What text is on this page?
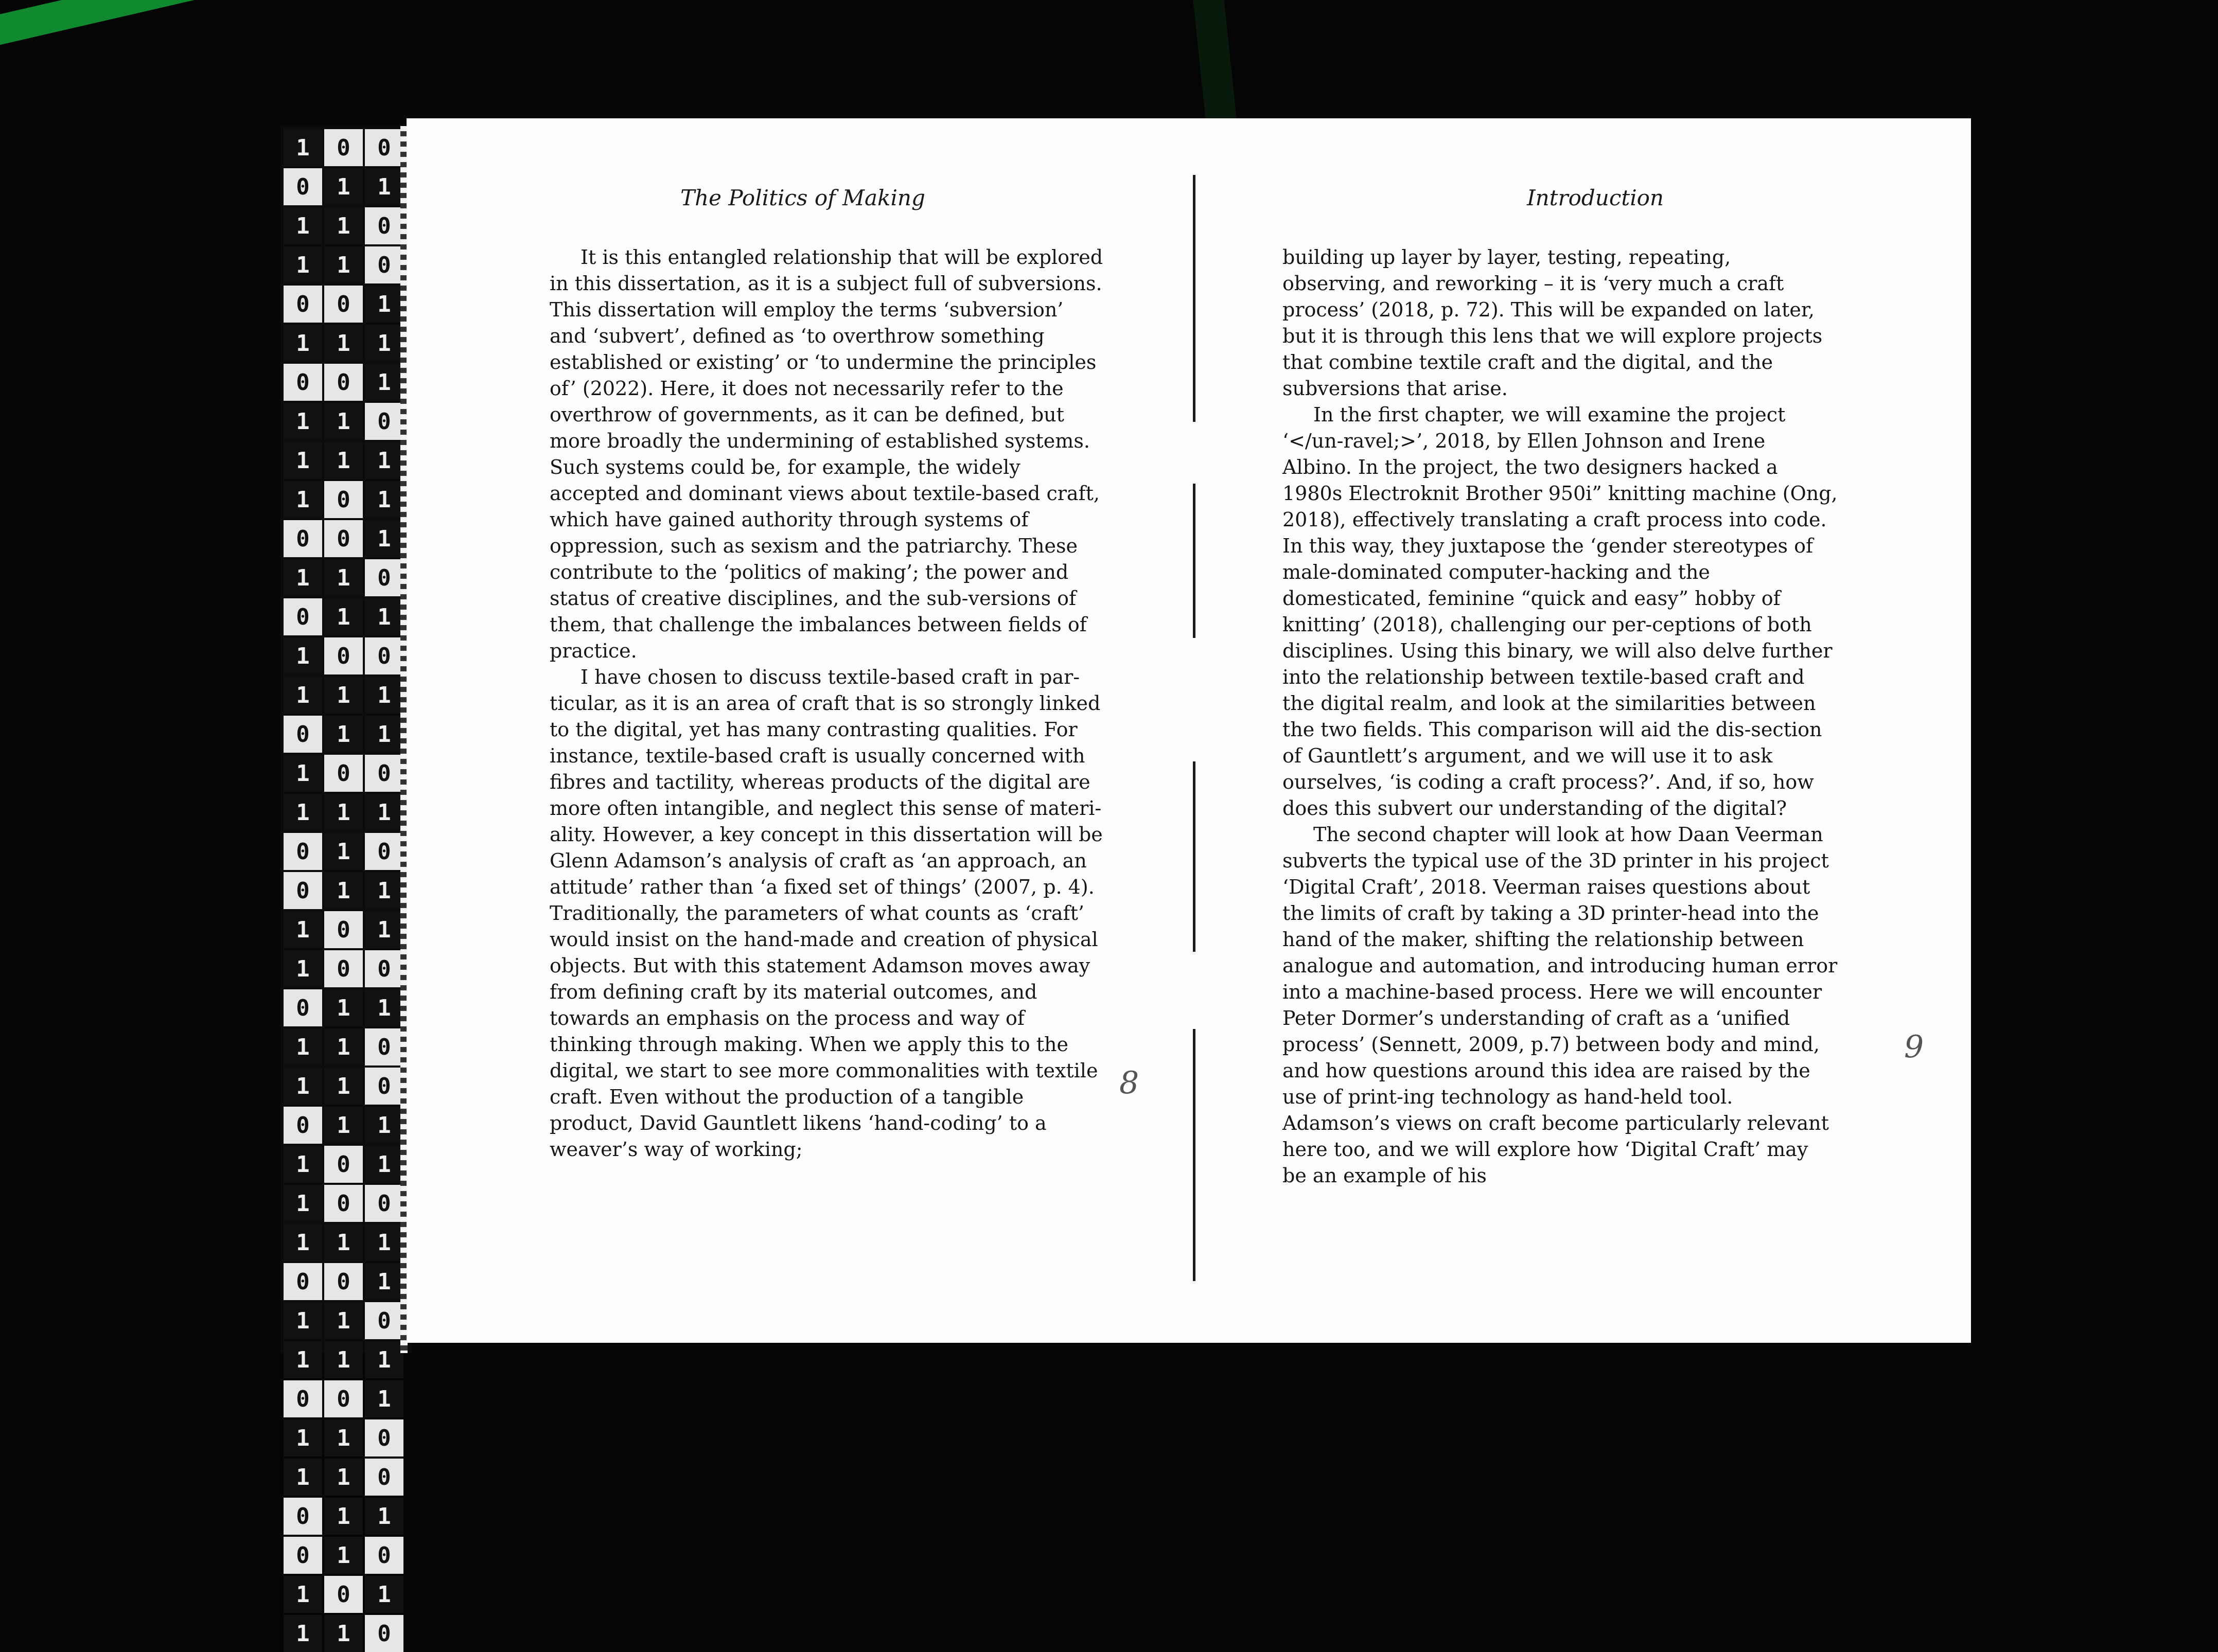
1	0	0
0	1	1
1	1	0
1	1	0
0	0	1
1	1	1
0	0	1
1	1	0
1	1	1
1	0	1
0	0	1
1	1	0
0	1	1
1	0	0
1	1	1
0	1	1
1	0	0
1	1	1
0	1	0
0	1	1
1	0	1
1	0	0
0	1	1
1	1	0
1	1	0
0	1	1
1	0	1
1	0	0
1	1	1
0	0	1
1	1	0
1	1	1
0	0	1
1	1	0
1	1	0
0	1	1
0	1	0
1	0	1
1	1	0
The Politics of Making

It is this entangled relationship that will be explored in this dissertation, as it is a subject full of subversions. This dissertation will employ the terms ‘subversion’ and ‘subvert’, defined as ‘to overthrow something established or existing’ or ‘to undermine the principles of’ (2022). Here, it does not necessarily refer to the overthrow of governments, as it can be defined, but more broadly the undermining of established systems. Such systems could be, for example, the widely accepted and dominant views about textile-based craft, which have gained authority through systems of oppression, such as sexism and the patriarchy. These contribute to the ‘politics of making’; the power and status of creative disciplines, and the sub-versions of them, that challenge the imbalances between fields of practice.

I have chosen to discuss textile-based craft in par-ticular, as it is an area of craft that is so strongly linked to the digital, yet has many contrasting qualities. For instance, textile-based craft is usually concerned with fibres and tactility, whereas products of the digital are more often intangible, and neglect this sense of materi-ality. However, a key concept in this dissertation will be Glenn Adamson’s analysis of craft as ‘an approach, an attitude’ rather than ‘a fixed set of things’ (2007, p. 4). Traditionally, the parameters of what counts as ‘craft’ would insist on the hand-made and creation of physical objects. But with this statement Adamson moves away from defining craft by its material outcomes, and towards an emphasis on the process and way of thinking through making. When we apply this to the digital, we start to see more commonalities with textile craft. Even without the production of a tangible product, David Gauntlett likens ‘hand-coding’ to a weaver’s way of working;

8
Introduction

building up layer by layer, testing, repeating, observing, and reworking – it is ‘very much a craft process’ (2018, p. 72). This will be expanded on later, but it is through this lens that we will explore projects that combine textile craft and the digital, and the subversions that arise.

In the first chapter, we will examine the project ‘</un-ravel;>’, 2018, by Ellen Johnson and Irene Albino. In the project, the two designers hacked a 1980s Electroknit Brother 950i” knitting machine (Ong, 2018), effectively translating a craft process into code. In this way, they juxtapose the ‘gender stereotypes of male-dominated computer-hacking and the domesticated, feminine “quick and easy” hobby of knitting’ (2018), challenging our per-ceptions of both disciplines. Using this binary, we will also delve further into the relationship between textile-based craft and the digital realm, and look at the similarities between the two fields. This comparison will aid the dis-section of Gauntlett’s argument, and we will use it to ask ourselves, ‘is coding a craft process?’. And, if so, how does this subvert our understanding of the digital?

The second chapter will look at how Daan Veerman subverts the typical use of the 3D printer in his project ‘Digital Craft’, 2018. Veerman raises questions about the limits of craft by taking a 3D printer-head into the hand of the maker, shifting the relationship between analogue and automation, and introducing human error into a machine-based process. Here we will encounter Peter Dormer’s understanding of craft as a ‘unified process’ (Sennett, 2009, p.7) between body and mind, and how questions around this idea are raised by the use of print-ing technology as hand-held tool. Adamson’s views on craft become particularly relevant here too, and we will explore how ‘Digital Craft’ may be an example of his

9
